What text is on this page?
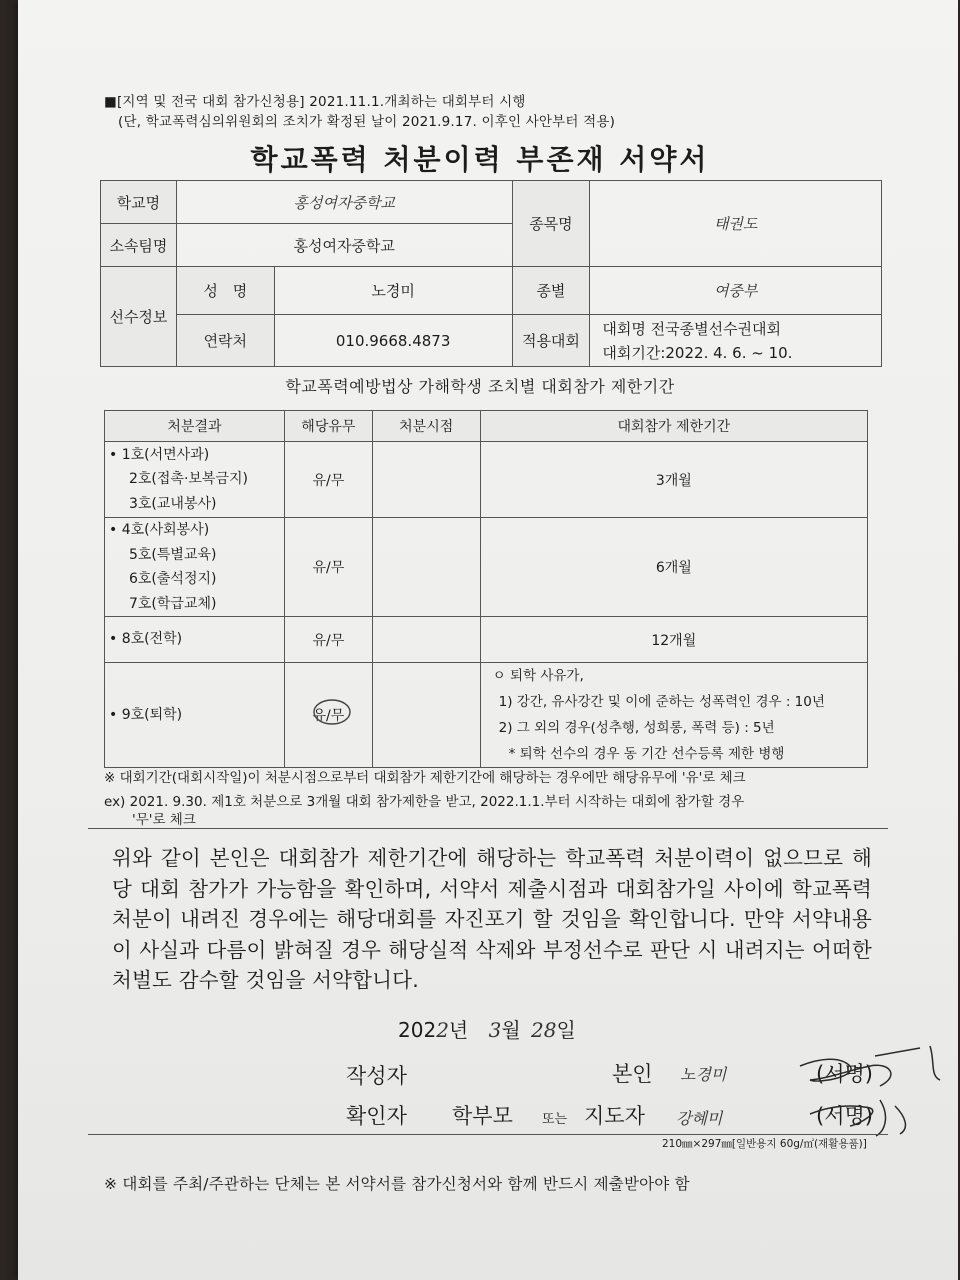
■[지역 및 전국 대회 참가신청용] 2021.11.1.개최하는 대회부터 시행
(단, 학교폭력심의위원회의 조치가 확정된 날이 2021.9.17. 이후인 사안부터 적용)
학교폭력 처분이력 부존재 서약서
학교명	홍성여자중학교		종목명	태권도
소속팀명	홍성여자중학교			
선수정보	성　명	노경미	종별	여중부
	연락처	010.9668.4873	적용대회	대회명 전국종별선수권대회
대회기간:2022. 4. 6. ~ 10.
학교폭력예방법상 가해학생 조치별 대회참가 제한기간
처분결과	해당유무	처분시점	대회참가 제한기간

• 1호(서면사과)
2호(접촉·보복금지)
3호(교내봉사)	유/무		3개월

• 4호(사회봉사)
5호(특별교육)
6호(출석정지)
7호(학급교체)	유/무		6개월

• 8호(전학)	유/무		12개월

• 9호(퇴학)	유/무		ㅇ 퇴학 사유가,
1) 강간, 유사강간 및 이에 준하는 성폭력인 경우 : 10년
2) 그 외의 경우(성추행, 성희롱, 폭력 등) : 5년
* 퇴학 선수의 경우 동 기간 선수등록 제한 병행
※ 대회기간(대회시작일)이 처분시점으로부터 대회참가 제한기간에 해당하는 경우에만 해당유무에 '유'로 체크
ex) 2021. 9.30. 제1호 처분으로 3개월 대회 참가제한을 받고, 2022.1.1.부터 시작하는 대회에 참가할 경우
'무'로 체크
위와 같이 본인은 대회참가 제한기간에 해당하는 학교폭력 처분이력이 없으므로 해당 대회 참가가 가능함을 확인하며, 서약서 제출시점과 대회참가일 사이에 학교폭력 처분이 내려진 경우에는 해당대회를 자진포기 할 것임을 확인합니다. 만약 서약내용이 사실과 다름이 밝혀질 경우 해당실적 삭제와 부정선수로 판단 시 내려지는 어떠한 처벌도 감수할 것임을 서약합니다.
2022년 3월 28일
작성자	본인 노경미	(서명)
확인자 학부모 또는 지도자 강혜미	(서명)
210㎜×297㎜[일반용지 60g/㎡(재활용품)]
※ 대회를 주최/주관하는 단체는 본 서약서를 참가신청서와 함께 반드시 제출받아야 함
